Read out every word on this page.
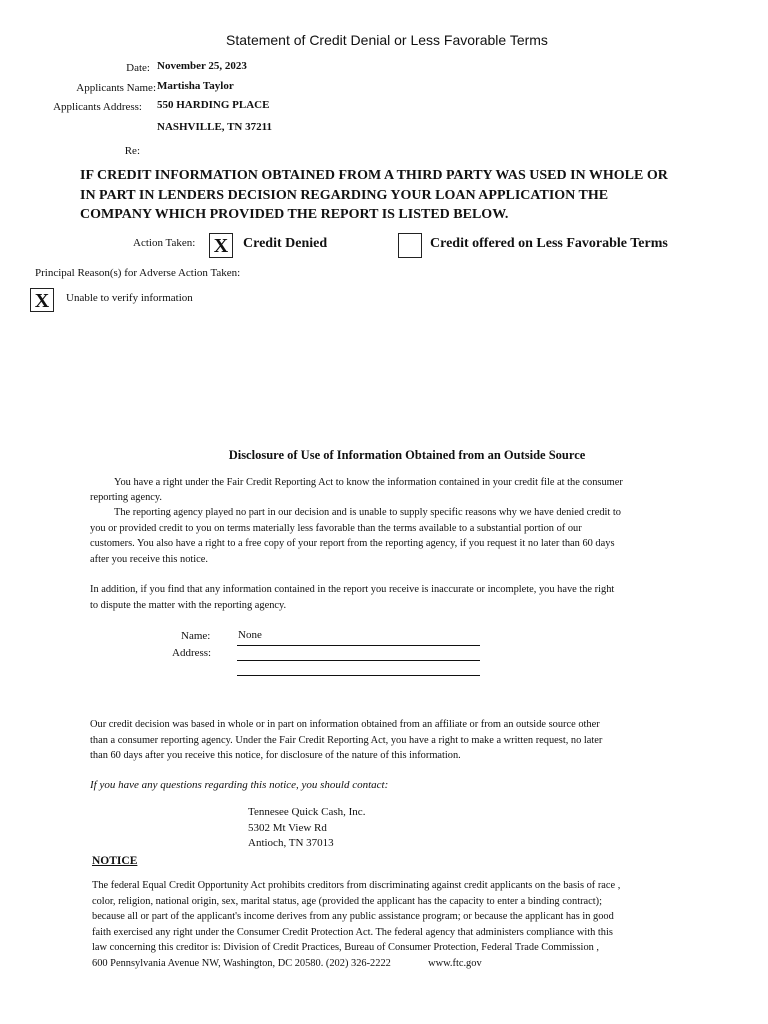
Statement of Credit Denial or Less Favorable Terms
Date: November 25, 2023
Applicants Name: Martisha Taylor
Applicants Address: 550 HARDING PLACE
NASHVILLE, TN 37211
Re:
IF CREDIT INFORMATION OBTAINED FROM A THIRD PARTY WAS USED IN WHOLE OR
IN PART IN LENDERS DECISION REGARDING YOUR LOAN APPLICATION THE
COMPANY WHICH PROVIDED THE REPORT IS LISTED BELOW.
Action Taken: X	Credit Denied	Credit offered on Less Favorable Terms
Principal Reason(s) for Adverse Action Taken:
X	Unable to verify information
Disclosure of Use of Information Obtained from an Outside Source
You have a right under the Fair Credit Reporting Act to know the information contained in your credit file at the consumer
reporting agency.
The reporting agency played no part in our decision and is unable to supply specific reasons why we have denied credit to
you or provided credit to you on terms materially less favorable than the terms available to a substantial portion of our
customers. You also have a right to a free copy of your report from the reporting agency, if you request it no later than 60 days
after you receive this notice.
In addition, if you find that any information contained in the report you receive is inaccurate or incomplete, you have the right
to dispute the matter with the reporting agency.
Name:	None
Address:
Our credit decision was based in whole or in part on information obtained from an affiliate or from an outside source other
than a consumer reporting agency. Under the Fair Credit Reporting Act, you have a right to make a written request, no later
than 60 days after you receive this notice, for disclosure of the nature of this information.
If you have any questions regarding this notice, you should contact:
Tennesee Quick Cash, Inc.
5302 Mt View Rd
Antioch, TN 37013
NOTICE
The federal Equal Credit Opportunity Act prohibits creditors from discriminating against credit applicants on the basis of race ,
color, religion, national origin, sex, marital status, age (provided the applicant has the capacity to enter a binding contract);
because all or part of the applicant's income derives from any public assistance program; or because the applicant has in good
faith exercised any right under the Consumer Credit Protection Act. The federal agency that administers compliance with this
law concerning this creditor is: Division of Credit Practices, Bureau of Consumer Protection, Federal Trade Commission ,
600 Pennsylvania Avenue NW, Washington, DC 20580. (202) 326-2222	www.ftc.gov
